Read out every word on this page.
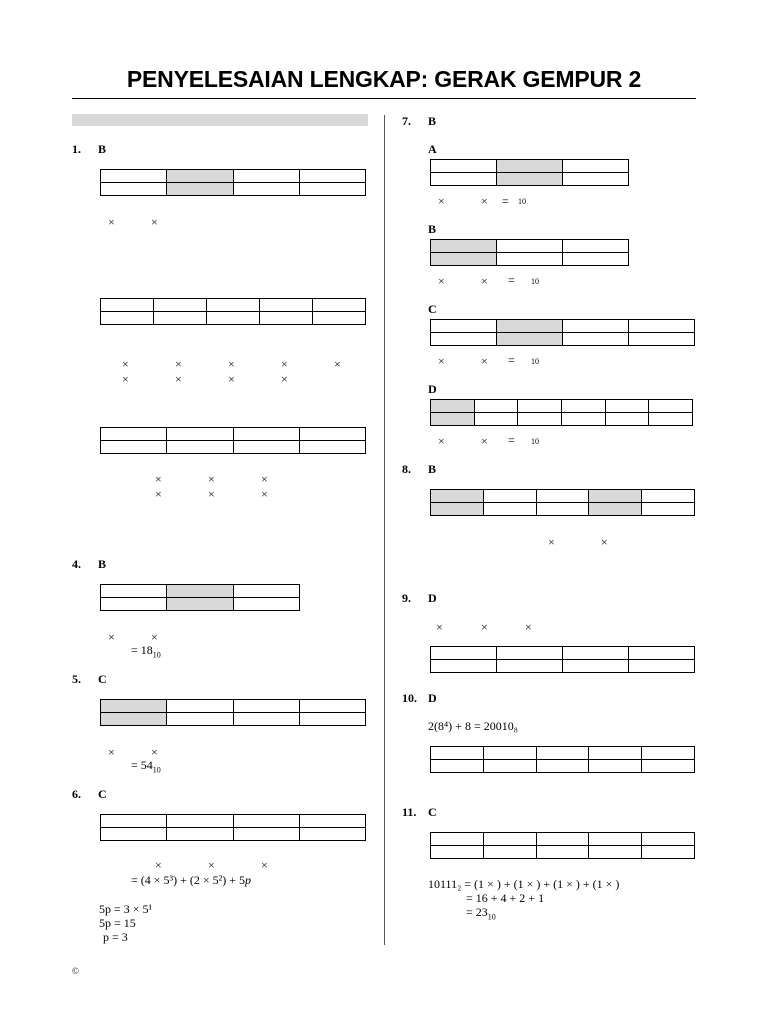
PENYELESAIAN LENGKAP: GERAK GEMPUR 2
1. B

×	×

×	×	×	×	×
×	×	×	×

×	×	×
×	×	×
4. B

×	×
= $18_{10}$
5. C

×	×
= $54_{10}$
6. C

×	×	×
= (4 × 5³) + (2 × 5²) + 5p
5p = 3 × 5¹
5p = 15
p = 3
7. B
A

×	× = 10
B

×	× = 10
C

×	× = 10
D

×	× = 10
8. B

×	×
9. D
×	×	×

10. D
2(8⁴) + 8 = 20010₈

11. C

10111₂ = (1 × ) + (1 × ) + (1 × ) + (1 × )
= 16 + 4 + 2 + 1
= $23_{10}$
©
